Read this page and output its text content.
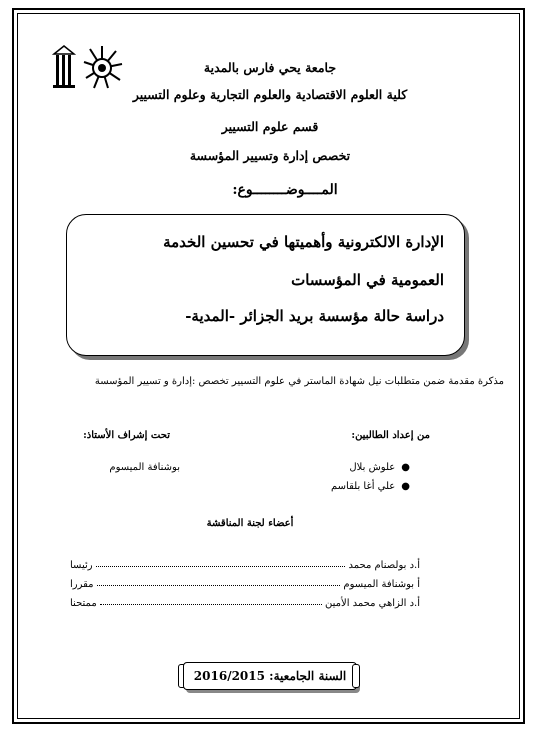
جامعة يحي فارس بالمدية
كلية العلوم الاقتصادية والعلوم التجارية وعلوم التسيير
قسم علوم التسيير
تخصص إدارة وتسيير المؤسسة
المــــوضــــــــوع:
الإدارة الالكترونية وأهميتها في تحسين الخدمة
العمومية في المؤسسات
دراسة حالة مؤسسة بريد الجزائر -المدية-
مذكرة مقدمة ضمن متطلبات نيل شهادة الماستر في علوم التسيير تخصص :إدارة و تسيير المؤسسة
من إعداد الطالبين:
●علوش بلال
●علي أغا بلقاسم
تحت إشراف الأستاذ:
بوشنافة الميسوم
أعضاء لجنة المناقشة
أ.د بولصنام محمد
رئيسا
أ بوشنافة الميسوم
مقررا
أ.د الزاهي محمد الأمين
ممتحنا
السنة الجامعية: 2016/2015
